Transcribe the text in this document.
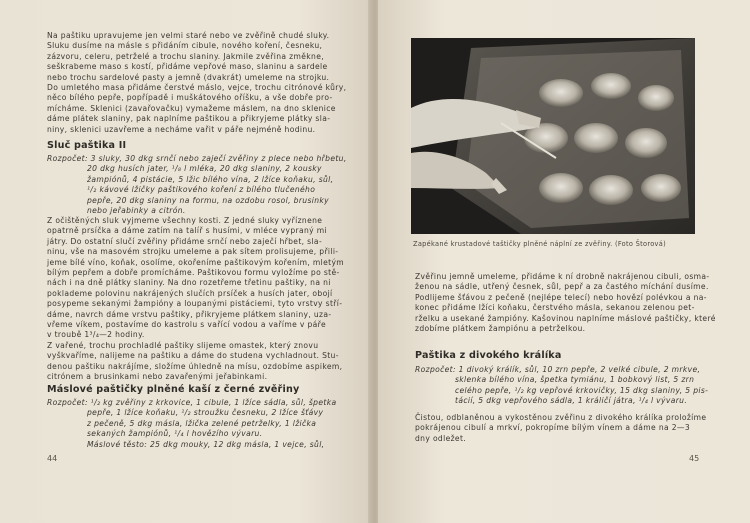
Na paštiku upravujeme jen velmi staré nebo ve zvěřině chudé sluky.
Sluku dusíme na másle s přidáním cibule, nového koření, česneku,
zázvoru, celeru, petrželé a trochu slaniny. Jakmile zvěřina změkne,
seškrabeme maso s kostí, přidáme vepřové maso, slaninu a sardele
nebo trochu sardelové pasty a jemně (dvakrát) umeleme na strojku.
Do umletého masa přidáme čerstvé máslo, vejce, trochu citrónové kůry,
něco bílého pepře, popřípadě i muškátového oříšku, a vše dobře pro-
mícháme. Sklenici (zavařovačku) vymažeme máslem, na dno sklenice
dáme plátek slaniny, pak naplníme paštikou a přikryjeme plátky sla-
niny, sklenici uzavřeme a necháme vařit v páře nejméně hodinu.
Sluč paštika II
Rozpočet: 3 sluky, 30 dkg srnčí nebo zaječí zvěřiny z plece nebo hřbetu,
20 dkg husích jater, ¹/₈ l mléka, 20 dkg slaniny, 2 kousky
žampiónů, 4 pistácie, 5 lžic bílého vína, 2 lžíce koňaku, sůl,
¹/₂ kávové lžičky paštikového koření z bílého tlučeného
pepře, 20 dkg slaniny na formu, na ozdobu rosol, brusinky
nebo jeřabinky a citrón.
Z očištěných sluk vyjmeme všechny kosti. Z jedné sluky vyříznene
opatrně prsíčka a dáme zatím na talíř s husími, v mléce vypraný mi
játry. Do ostatní slučí zvěřiny přidáme srnčí nebo zaječí hřbet, sla-
ninu, vše na masovém strojku umeleme a pak sítem prolisujeme, přili-
jeme bílé víno, koňak, osolíme, okořeníme paštikovým kořením, mletým
bílým pepřem a dobře promícháme. Paštikovou formu vyložíme po stě-
nách i na dně plátky slaniny. Na dno rozetřeme třetinu paštiky, na ni
poklademe polovinu nakrájených slučích prsíček a husích jater, obojí
posypeme sekanými žampióny a loupanými pistáciemi, tyto vrstvy stří-
dáme, navrch dáme vrstvu paštiky, přikryjeme plátkem slaniny, uza-
vřeme víkem, postavíme do kastrolu s vařící vodou a vaříme v páře
v troubě 1³/₄—2 hodiny.
Z vařené, trochu prochladlé paštiky slijeme omastek, který znovu
vyškvaříme, nalijeme na paštiku a dáme do studena vychladnout. Stu-
denou paštiku nakrájíme, složíme úhledně na mísu, ozdobíme aspikem,
citrónem a brusinkami nebo zavařenými jeřabinkami.
Máslové paštičky plněné kaší z černé zvěřiny
Rozpočet: ¹/₂ kg zvěřiny z krkovice, 1 cibule, 1 lžíce sádla, sůl, špetka
pepře, 1 lžíce koňaku, ¹/₂ stroužku česneku, 2 lžíce šťávy
z pečeně, 5 dkg másla, lžička zelené petrželky, 1 lžička
sekaných žampiónů, ¹/₄ l hovězího vývaru.
Máslové těsto: 25 dkg mouky, 12 dkg másla, 1 vejce, sůl,
44
Zapékané krustadové taštičky plněné náplní ze zvěřiny. (Foto Štorová)
Zvěřinu jemně umeleme, přidáme k ní drobně nakrájenou cibuli, osma-
ženou na sádle, utřený česnek, sůl, pepř a za častého míchání dusíme.
Podlijeme šťávou z pečeně (nejlépe telecí) nebo hovězí polévkou a na-
konec přidáme lžíci koňaku, čerstvého másla, sekanou zelenou pet-
rželku a usekané žampióny. Kašovinou naplníme máslové paštičky, které
zdobíme plátkem žampiónu a petrželkou.
Paštika z divokého králíka
Rozpočet: 1 divoký králík, sůl, 10 zrn pepře, 2 velké cibule, 2 mrkve,
sklenka bílého vína, špetka tymiánu, 1 bobkový list, 5 zrn
celého pepře, ¹/₂ kg vepřové krkovičky, 15 dkg slaniny, 5 pis-
tácií, 5 dkg vepřového sádla, 1 králičí játra, ¹/₄ l vývaru.
Čistou, odblaněnou a vykostěnou zvěřinu z divokého králíka proložíme
pokrájenou cibulí a mrkví, pokropíme bílým vínem a dáme na 2—3
dny odležet.
45
